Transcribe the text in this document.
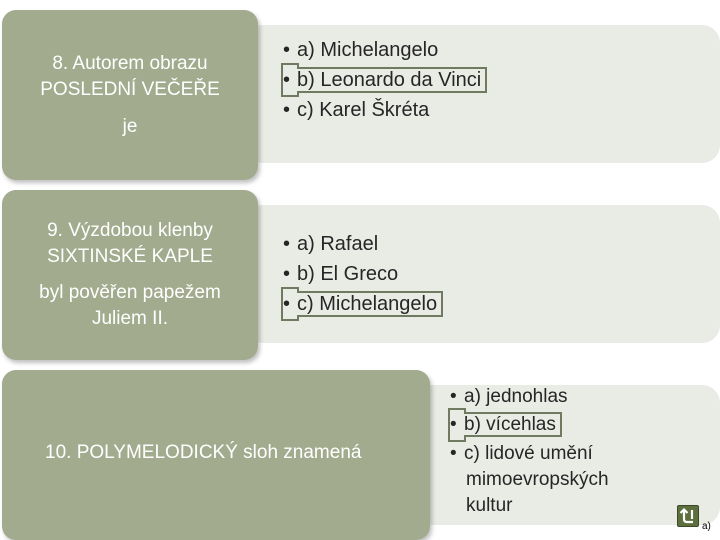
8. Autorem obrazu
POSLEDNÍ VEČEŘE
je
• a) Michelangelo
• b) Leonardo da Vinci
• c) Karel Škréta
9. Výzdobou klenby
SIXTINSKÉ KAPLE
byl pověřen papežem
Juliem II.
• a) Rafael
• b) El Greco
• c) Michelangelo
10. POLYMELODICKÝ sloh znamená
• a) jednohlas
• b) vícehlas
• c) lidové umění
mimoevropských
kultur
a)
